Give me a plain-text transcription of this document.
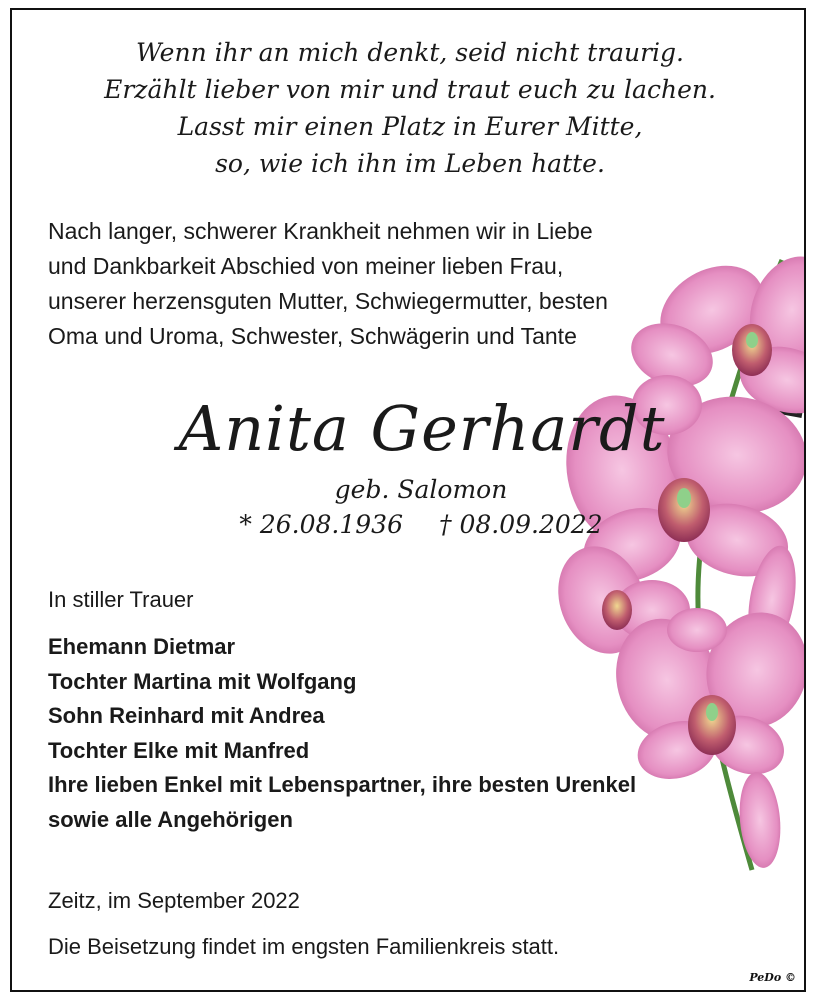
Wenn ihr an mich denkt, seid nicht traurig.
Erzählt lieber von mir und traut euch zu lachen.
Lasst mir einen Platz in Eurer Mitte,
so, wie ich ihn im Leben hatte.
Nach langer, schwerer Krankheit nehmen wir in Liebe
und Dankbarkeit Abschied von meiner lieben Frau,
unserer herzensguten Mutter, Schwiegermutter, besten
Oma und Uroma, Schwester, Schwägerin und Tante
Anita Gerhardt
geb. Salomon
* 26.08.1936 † 08.09.2022
In stiller Trauer
Ehemann Dietmar
Tochter Martina mit Wolfgang
Sohn Reinhard mit Andrea
Tochter Elke mit Manfred
Ihre lieben Enkel mit Lebenspartner, ihre besten Urenkel
sowie alle Angehörigen
Zeitz, im September 2022
Die Beisetzung findet im engsten Familienkreis statt.
PeDo ©
